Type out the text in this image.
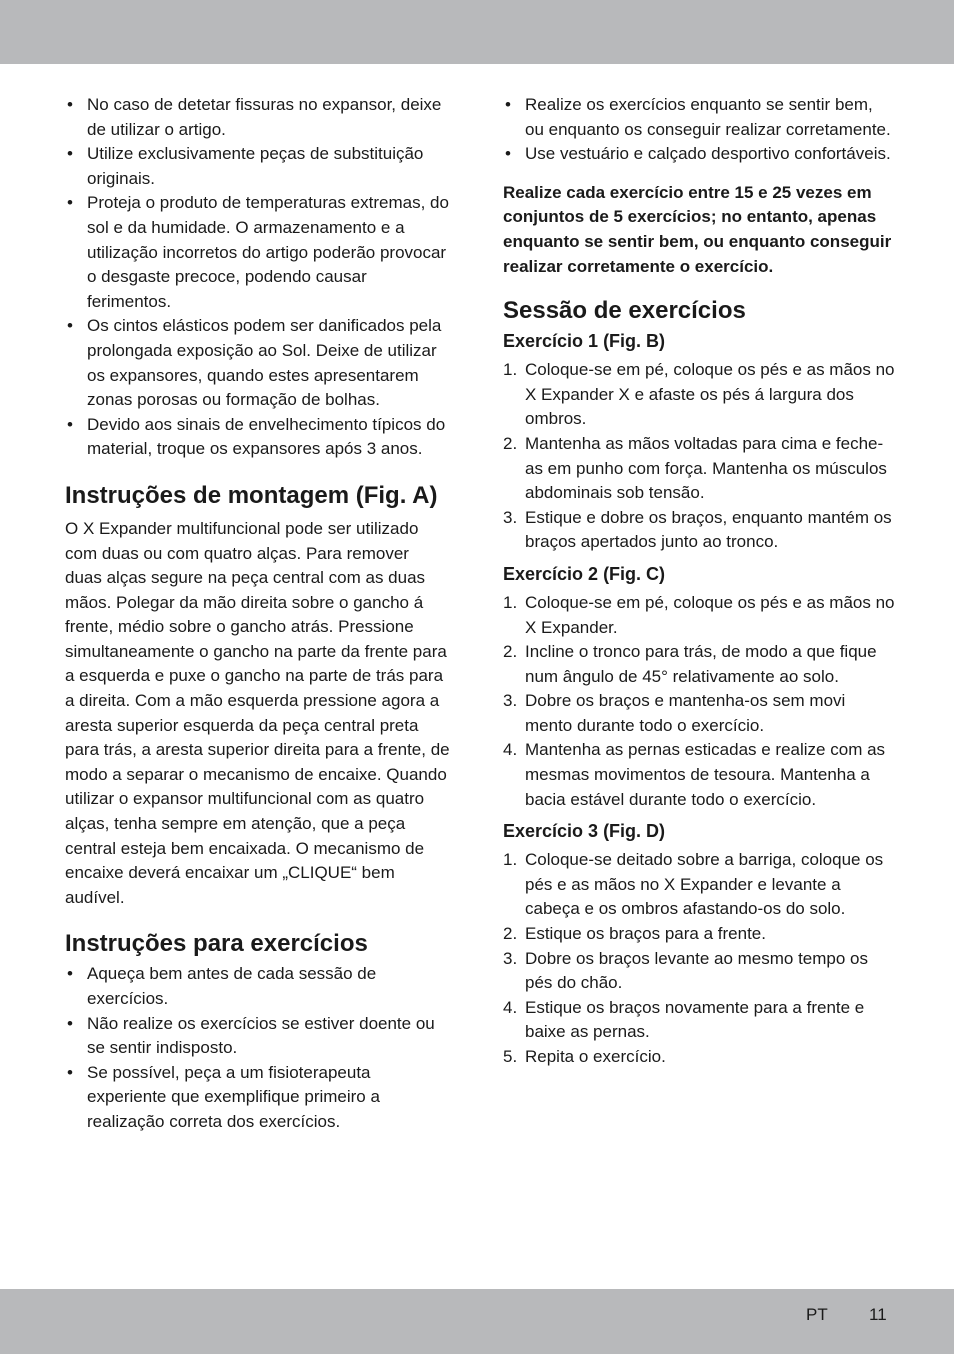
• No caso de detetar fissuras no expansor, deixe de utilizar o artigo.
• Utilize exclusivamente peças de substituição originais.
• Proteja o produto de temperaturas extremas, do sol e da humidade. O armazenamento e a utilização incorretos do artigo poderão provocar o desgaste precoce, podendo causar ferimentos.
• Os cintos elásticos podem ser danificados pela prolongada exposição ao Sol. Deixe de utilizar os expansores, quando estes apresentarem zonas porosas ou formação de bolhas.
• Devido aos sinais de envelhecimento típicos do material, troque os expansores após 3 anos.
Instruções de montagem (Fig. A)

O X Expander multifuncional pode ser utilizado com duas ou com quatro alças. Para remover duas alças segure na peça central com as duas mãos. Polegar da mão direita sobre o gancho á frente, médio sobre o gancho atrás. Pressione simultaneamente o gancho na parte da frente para a esquerda e puxe o gancho na parte de trás para a direita. Com a mão esquerda pressione agora a aresta superior esquerda da peça central preta para trás, a aresta superior direita para a frente, de modo a separar o mecanismo de encaixe. Quando utilizar o expansor multifuncional com as quatro alças, tenha sempre em atenção, que a peça central esteja bem encaixada. O mecanismo de encaixe deverá encaixar um „CLIQUE“ bem audível.

Instruções para exercícios
• Aqueça bem antes de cada sessão de exercícios.
• Não realize os exercícios se estiver doente ou se sentir indisposto.
• Se possível, peça a um fisioterapeuta experiente que exemplifique primeiro a realização correta dos exercícios.
• Realize os exercícios enquanto se sentir bem, ou enquanto os conseguir realizar corretamente.
• Use vestuário e calçado desportivo confortáveis.

Realize cada exercício entre 15 e 25 vezes em conjuntos de 5 exercícios; no entanto, apenas enquanto se sentir bem, ou enquanto conseguir realizar corretamente o exercício.

Sessão de exercícios
Exercício 1 (Fig. B)
1. Coloque-se em pé, coloque os pés e as mãos no X Expander X e afaste os pés á largura dos ombros.
2. Mantenha as mãos voltadas para cima e feche-as em punho com força. Mantenha os músculos abdominais sob tensão.
3. Estique e dobre os braços, enquanto mantém os braços apertados junto ao tronco.
Exercício 2 (Fig. C)
1. Coloque-se em pé, coloque os pés e as mãos no X Expander.
2. Incline o tronco para trás, de modo a que fique num ângulo de 45° relativamente ao solo.
3. Dobre os braços e mantenha-os sem movi mento durante todo o exercício.
4. Mantenha as pernas esticadas e realize com as mesmas movimentos de tesoura. Mantenha a bacia estável durante todo o exercício.
Exercício 3 (Fig. D)
1. Coloque-se deitado sobre a barriga, coloque os pés e as mãos no X Expander e levante a cabeça e os ombros afastando-os do solo.
2. Estique os braços para a frente.
3. Dobre os braços levante ao mesmo tempo os pés do chão.
4. Estique os braços novamente para a frente e baixe as pernas.
5. Repita o exercício.
PT 11
